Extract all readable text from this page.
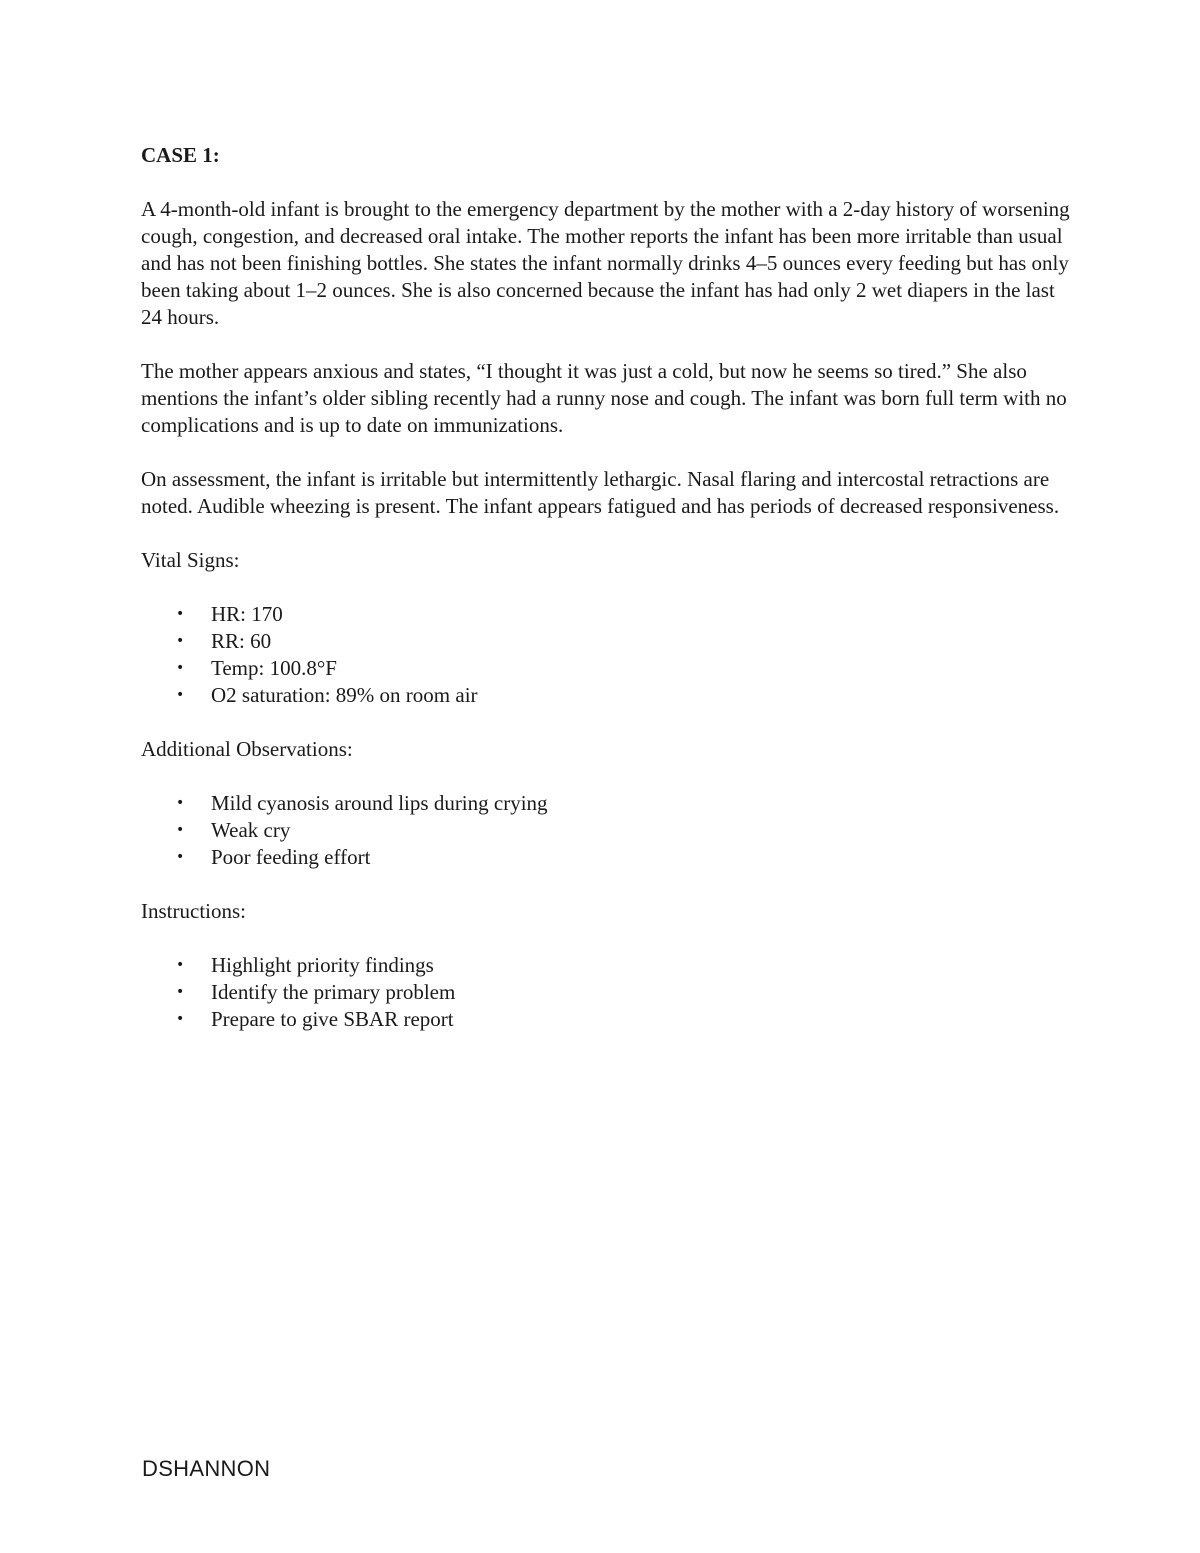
CASE 1:

A 4-month-old infant is brought to the emergency department by the mother with a 2-day history of worsening cough, congestion, and decreased oral intake. The mother reports the infant has been more irritable than usual and has not been finishing bottles. She states the infant normally drinks 4–5 ounces every feeding but has only been taking about 1–2 ounces. She is also concerned because the infant has had only 2 wet diapers in the last 24 hours.

The mother appears anxious and states, “I thought it was just a cold, but now he seems so tired.” She also mentions the infant’s older sibling recently had a runny nose and cough. The infant was born full term with no complications and is up to date on immunizations.

On assessment, the infant is irritable but intermittently lethargic. Nasal flaring and intercostal retractions are noted. Audible wheezing is present. The infant appears fatigued and has periods of decreased responsiveness.

Vital Signs:
• HR: 170
• RR: 60
• Temp: 100.8°F
• O2 saturation: 89% on room air
Additional Observations:
• Mild cyanosis around lips during crying
• Weak cry
• Poor feeding effort
Instructions:
• Highlight priority findings
• Identify the primary problem
• Prepare to give SBAR report
DSHANNON
